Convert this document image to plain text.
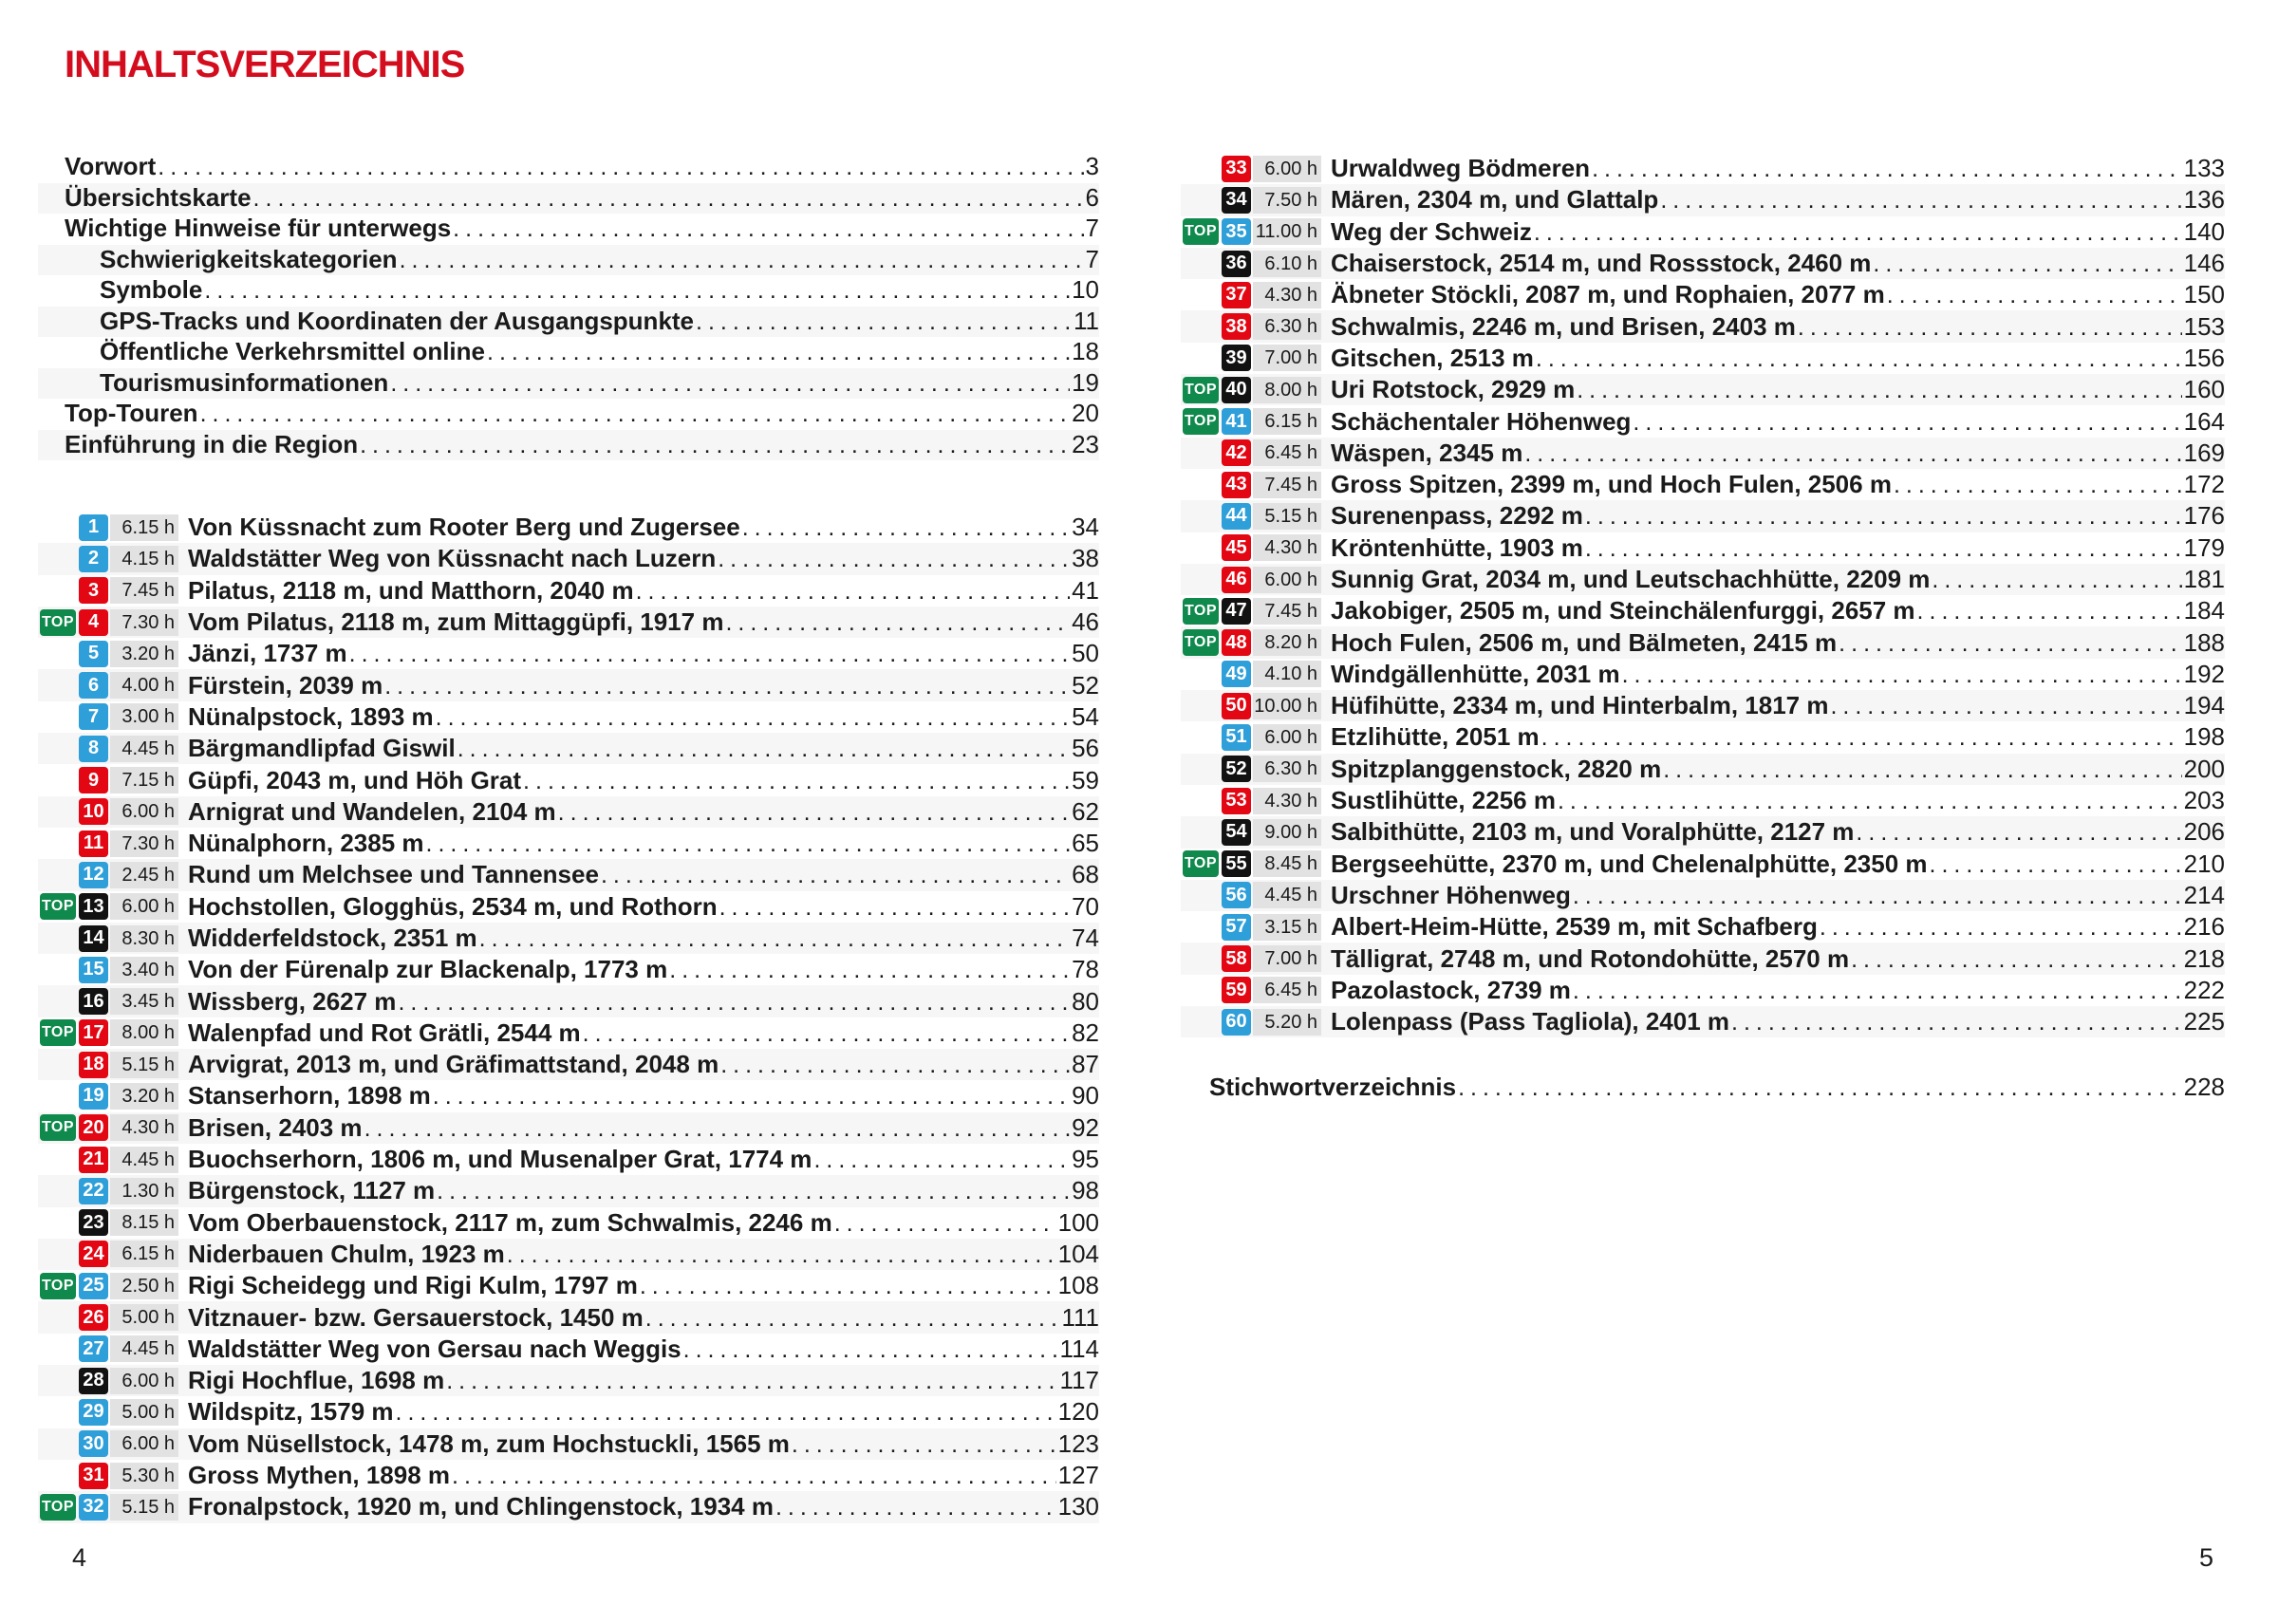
INHALTSVERZEICHNIS
Vorwort .....	3
Übersichtskarte .....	6
Wichtige Hinweise für unterwegs .....	7
Schwierigkeitskategorien .....	7
Symbole .....	10
GPS-Tracks und Koordinaten der Ausgangspunkte .....	11
Öffentliche Verkehrsmittel online .....	18
Tourismusinformationen .....	19
Top-Touren .....	20
Einführung in die Region .....	23
1	6.15 h Von Küssnacht zum Rooter Berg und Zugersee .....	34
2	4.15 h Waldstätter Weg von Küssnacht nach Luzern .....	38
3	7.45 h Pilatus, 2118 m, und Matthorn, 2040 m .....	41
TOP 4	7.30 h Vom Pilatus, 2118 m, zum Mittaggüpfi, 1917 m .....	46
5	3.20 h Jänzi, 1737 m .....	50
6	4.00 h Fürstein, 2039 m .....	52
7	3.00 h Nünalpstock, 1893 m .....	54
8	4.45 h Bärgmandlipfad Giswil .....	56
9	7.15 h Güpfi, 2043 m, und Höh Grat .....	59
10 6.00 h Arnigrat und Wandelen, 2104 m .....	62
11 7.30 h Nünalphorn, 2385 m .....	65
12 2.45 h Rund um Melchsee und Tannensee .....	68
TOP 13 6.00 h Hochstollen, Glogghüs, 2534 m, und Rothorn .....	70
14 8.30 h Widderfeldstock, 2351 m .....	74
15 3.40 h Von der Fürenalp zur Blackenalp, 1773 m .....	78
16 3.45 h Wissberg, 2627 m .....	80
TOP 17 8.00 h Walenpfad und Rot Grätli, 2544 m .....	82
18 5.15 h Arvigrat, 2013 m, und Gräfimattstand, 2048 m .....	87
19 3.20 h Stanserhorn, 1898 m .....	90
TOP 20 4.30 h Brisen, 2403 m .....	92
21 4.45 h Buochserhorn, 1806 m, und Musenalper Grat, 1774 m .....	95
22 1.30 h Bürgenstock, 1127 m .....	98
23 8.15 h Vom Oberbauenstock, 2117 m, zum Schwalmis, 2246 m .....	100
24 6.15 h Niderbauen Chulm, 1923 m .....	104
TOP 25 2.50 h Rigi Scheidegg und Rigi Kulm, 1797 m .....	108
26 5.00 h Vitznauer- bzw. Gersauerstock, 1450 m .....	111
27 4.45 h Waldstätter Weg von Gersau nach Weggis .....	114
28 6.00 h Rigi Hochflue, 1698 m .....	117
29 5.00 h Wildspitz, 1579 m .....	120
30 6.00 h Vom Nüsellstock, 1478 m, zum Hochstuckli, 1565 m .....	123
31 5.30 h Gross Mythen, 1898 m .....	127
TOP 32 5.15 h Fronalpstock, 1920 m, und Chlingenstock, 1934 m .....	130
4
33 6.00 h Urwaldweg Bödmeren .....	133
34 7.50 h Mären, 2304 m, und Glattalp .....	136
TOP 35 11.00 h Weg der Schweiz .....	140
36 6.10 h Chaiserstock, 2514 m, und Rossstock, 2460 m .....	146
37 4.30 h Äbneter Stöckli, 2087 m, und Rophaien, 2077 m .....	150
38 6.30 h Schwalmis, 2246 m, und Brisen, 2403 m .....	153
39 7.00 h Gitschen, 2513 m .....	156
TOP 40 8.00 h Uri Rotstock, 2929 m .....	160
TOP 41 6.15 h Schächentaler Höhenweg .....	164
42 6.45 h Wäspen, 2345 m .....	169
43 7.45 h Gross Spitzen, 2399 m, und Hoch Fulen, 2506 m .....	172
44 5.15 h Surenenpass, 2292 m .....	176
45 4.30 h Kröntenhütte, 1903 m .....	179
46 6.00 h Sunnig Grat, 2034 m, und Leutschachhütte, 2209 m .....	181
TOP 47 7.45 h Jakobiger, 2505 m, und Steinchälenfurggi, 2657 m .....	184
TOP 48 8.20 h Hoch Fulen, 2506 m, und Bälmeten, 2415 m .....	188
49 4.10 h Windgällenhütte, 2031 m .....	192
50 10.00 h Hüfihütte, 2334 m, und Hinterbalm, 1817 m .....	194
51 6.00 h Etzlihütte, 2051 m .....	198
52 6.30 h Spitzplanggenstock, 2820 m .....	200
53 4.30 h Sustlihütte, 2256 m .....	203
54 9.00 h Salbithütte, 2103 m, und Voralphütte, 2127 m .....	206
TOP 55 8.45 h Bergseehütte, 2370 m, und Chelenalphütte, 2350 m .....	210
56 4.45 h Urschner Höhenweg .....	214
57 3.15 h Albert-Heim-Hütte, 2539 m, mit Schafberg .....	216
58 7.00 h Tälligrat, 2748 m, und Rotondohütte, 2570 m .....	218
59 6.45 h Pazolastock, 2739 m .....	222
60 5.20 h Lolenpass (Pass Tagliola), 2401 m .....	225
Stichwortverzeichnis .....	228
5
